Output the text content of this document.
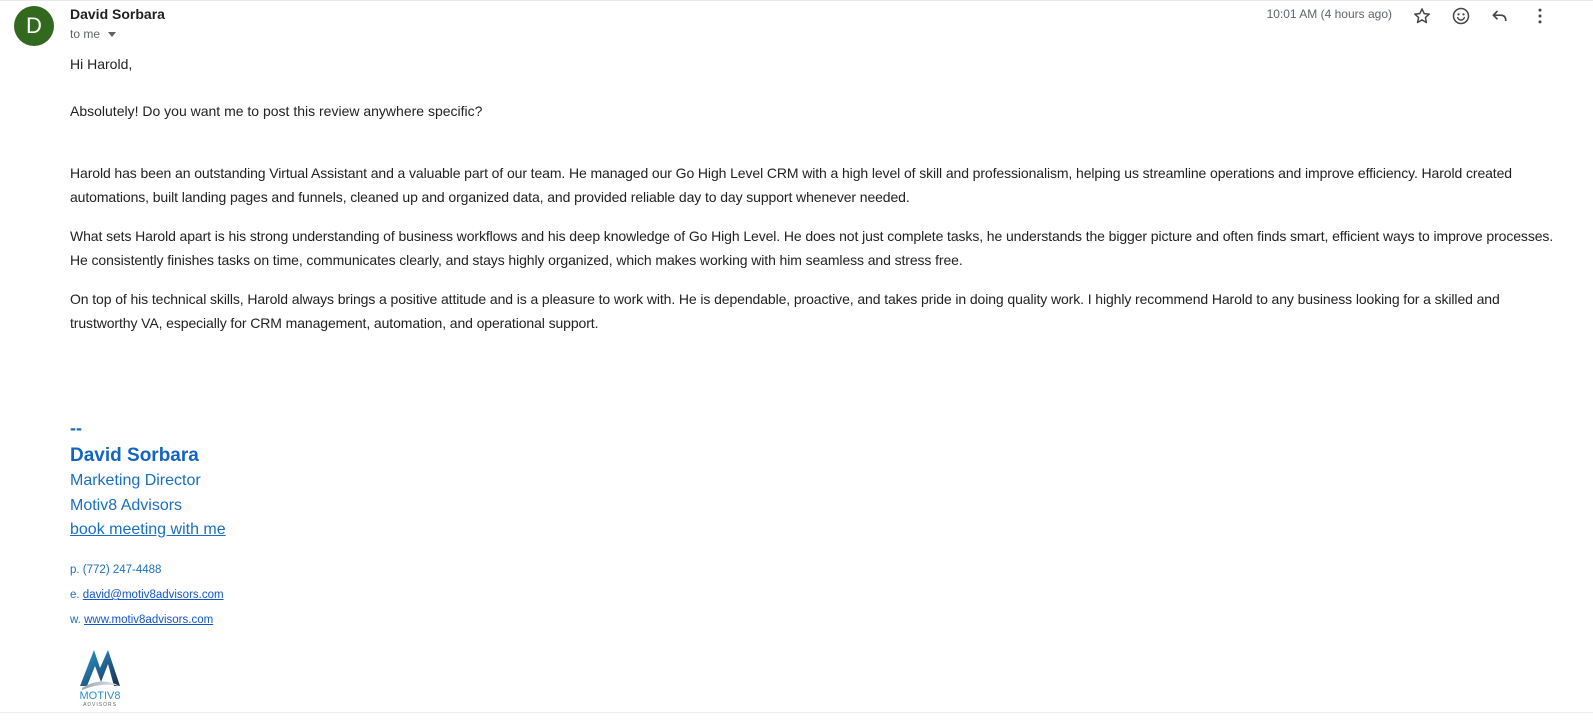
D David Sorbara
to me
10:01 AM (4 hours ago)
Hi Harold,
Absolutely! Do you want me to post this review anywhere specific?
Harold has been an outstanding Virtual Assistant and a valuable part of our team. He managed our Go High Level CRM with a high level of skill and professionalism, helping us streamline operations and improve efficiency. Harold created automations, built landing pages and funnels, cleaned up and organized data, and provided reliable day to day support whenever needed.
What sets Harold apart is his strong understanding of business workflows and his deep knowledge of Go High Level. He does not just complete tasks, he understands the bigger picture and often finds smart, efficient ways to improve processes. He consistently finishes tasks on time, communicates clearly, and stays highly organized, which makes working with him seamless and stress free.
On top of his technical skills, Harold always brings a positive attitude and is a pleasure to work with. He is dependable, proactive, and takes pride in doing quality work. I highly recommend Harold to any business looking for a skilled and trustworthy VA, especially for CRM management, automation, and operational support.
--
David Sorbara
Marketing Director
Motiv8 Advisors
book meeting with me
p. (772) 247-4488
e. david@motiv8advisors.com
w. www.motiv8advisors.com
MOTIV8
ADVISORS
